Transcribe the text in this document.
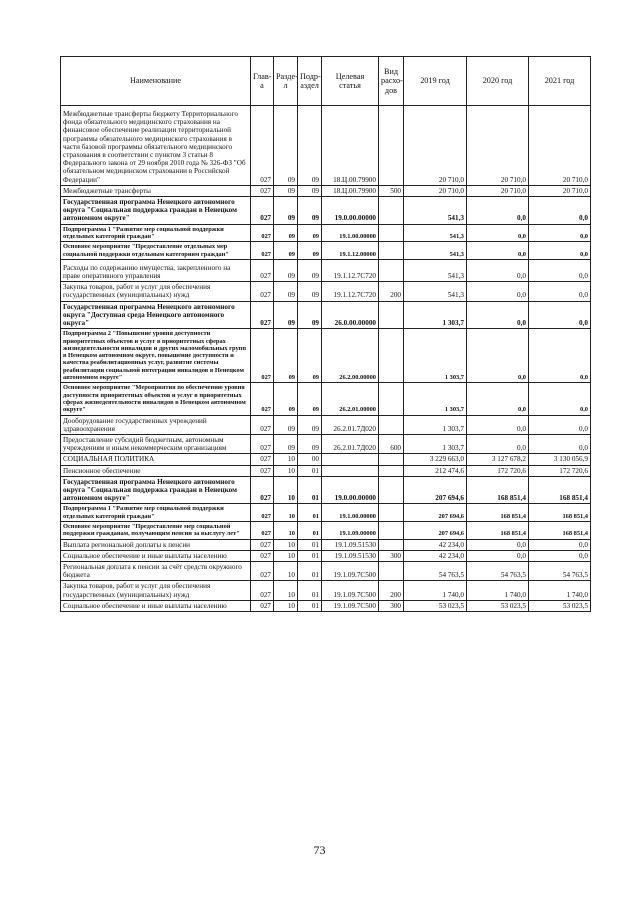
Наименование	Главa	Раздел	Подраздел	Целевая статья	Вид расходов	2019 год	2020 год	2021 год
Межбюджетные трансферты бюджету Территориального фонда обязательного медицинского страхования на финансовое обеспечение реализации территориальной программы обязательного медицинского страхования в части базовой программы обязательного медицинского страхования в соответствии с пунктом 3 статьи 8 Федерального закона от 29 ноября 2010 года № 326-ФЗ "Об обязательном медицинском страховании в Российской Федерации"	027	09	09	18.Ц.00.79900		20 710,0	20 710,0	20 710,0
Межбюджетные трансферты	027	09	09	18.Ц.00.79900	500	20 710,0	20 710,0	20 710,0
Государственная программа Ненецкого автономного округа "Социальная поддержка граждан в Ненецком автономном округе"	027	09	09	19.0.00.00000		541,3	0,0	0,0
Подпрограмма 1 "Развитие мер социальной поддержки отдельных категорий граждан"	027	09	09	19.1.00.00000		541,3	0,0	0,0
Основное мероприятие "Предоставление отдельных мер социальной поддержки отдельным категориям граждан"	027	09	09	19.1.12.00000		541,3	0,0	0,0
Расходы по содержанию имущества, закрепленного на праве оперативного управления	027	09	09	19.1.12.7С720		541,3	0,0	0,0
Закупка товаров, работ и услуг для обеспечения государственных (муниципальных) нужд	027	09	09	19.1.12.7С720	200	541,3	0,0	0,0
Государственная программа Ненецкого автономного округа "Доступная среда Ненецкого автономного округа"	027	09	09	26.0.00.00000		1 303,7	0,0	0,0
Подпрограмма 2 "Повышение уровня доступности приоритетных объектов и услуг в приоритетных сферах жизнедеятельности инвалидов и других маломобильных групп в Ненецком автономном округе, повышение доступности и качества реабилитационных услуг, развитие системы реабилитации социальной интеграции инвалидов в Ненецком автономном округе"	027	09	09	26.2.00.00000		1 303,7	0,0	0,0
Основное мероприятие "Мероприятия по обеспечению уровня доступности приоритетных объектов и услуг в приоритетных сферах жизнедеятельности инвалидов в Ненецком автономном округе"	027	09	09	26.2.01.00000		1 303,7	0,0	0,0
Дооборудование государственных учреждений здравоохранения	027	09	09	26.2.01.7Д020		1 303,7	0,0	0,0
Предоставление субсидий бюджетным, автономным учреждениям и иным некоммерческим организациям	027	09	09	26.2.01.7Д020	600	1 303,7	0,0	0,0
СОЦИАЛЬНАЯ ПОЛИТИКА	027	10	00			3 229 663,0	3 127 678,2	3 130 056,9
Пенсионное обеспечение	027	10	01			212 474,6	172 720,6	172 720,6
Государственная программа Ненецкого автономного округа "Социальная поддержка граждан в Ненецком автономном округе"	027	10	01	19.0.00.00000		207 694,6	168 851,4	168 851,4
Подпрограмма 1 "Развитие мер социальной поддержки отдельных категорий граждан"	027	10	01	19.1.00.00000		207 694,6	168 851,4	168 851,4
Основное мероприятие "Предоставление мер социальной поддержки гражданам, получающим пенсии за выслугу лет"	027	10	01	19.1.09.00000		207 694,6	168 851,4	168 851,4
Выплата региональной доплаты к пенсии	027	10	01	19.1.09.51530		42 234,0	0,0	0,0
Социальное обеспечение и иные выплаты населению	027	10	01	19.1.09.51530	300	42 234,0	0,0	0,0
Региональная доплата к пенсии за счёт средств окружного бюджета	027	10	01	19.1.09.7С500		54 763,5	54 763,5	54 763,5
Закупка товаров, работ и услуг для обеспечения государственных (муниципальных) нужд	027	10	01	19.1.09.7С500	200	1 740,0	1 740,0	1 740,0
Социальное обеспечение и иные выплаты населению	027	10	01	19.1.09.7С500	300	53 023,5	53 023,5	53 023,5
73
